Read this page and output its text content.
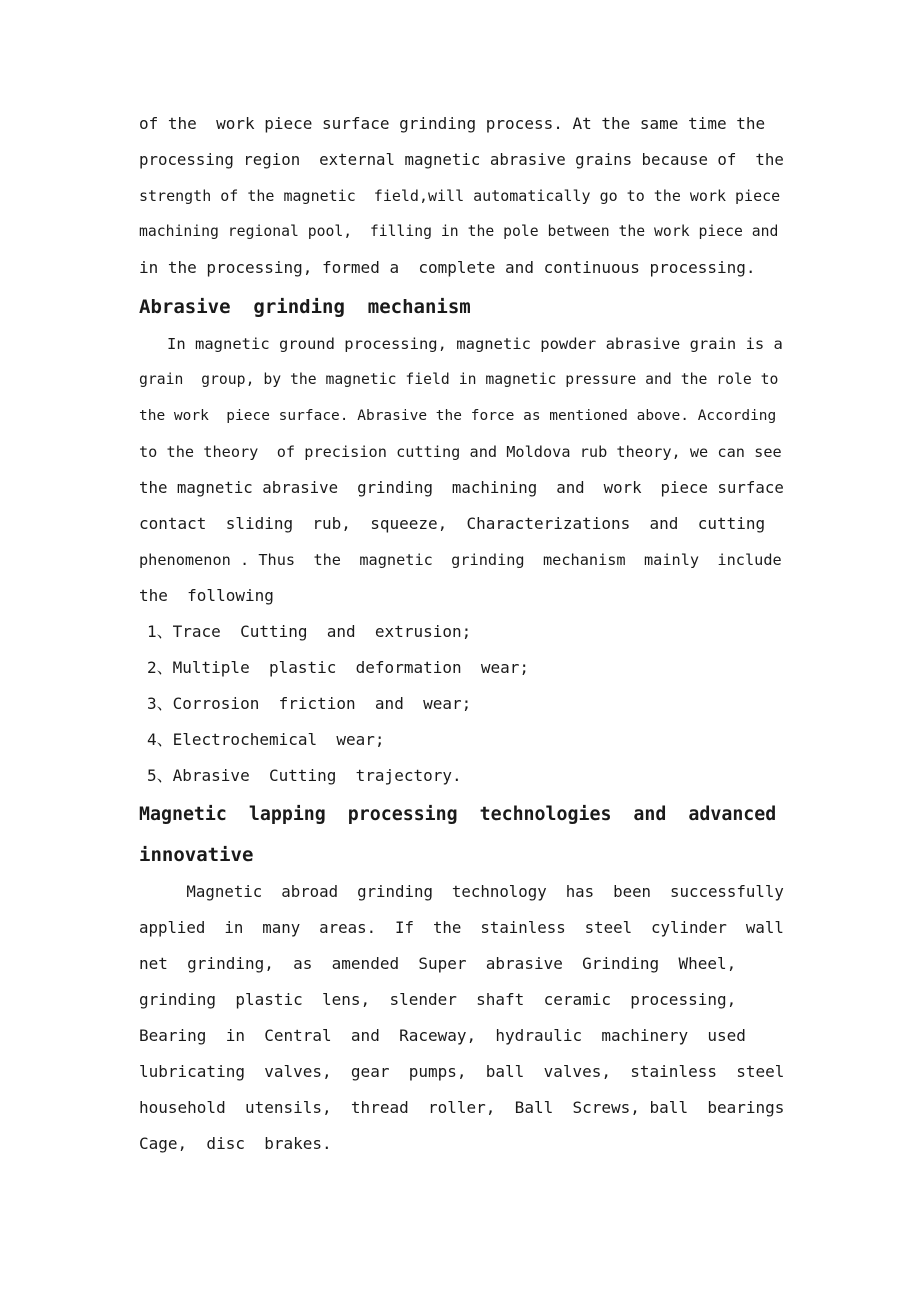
of the  work piece surface grinding process. At the same time the
processing region  external magnetic abrasive grains because of  the
strength of the magnetic  field,will automatically go to the work piece
machining regional pool,  filling in the pole between the work piece and
in the processing, formed a  complete and continuous processing.
Abrasive  grinding  mechanism
In magnetic ground processing, magnetic powder abrasive grain is a
grain  group, by the magnetic field in magnetic pressure and the role to
the work  piece surface. Abrasive the force as mentioned above. According
to the theory  of precision cutting and Moldova rub theory, we can see
the magnetic abrasive  grinding  machining  and  work  piece surface
contact  sliding  rub,  squeeze,  Characterizations  and  cutting
phenomenon . Thus  the  magnetic  grinding  mechanism  mainly  include
the  following
1、Trace  Cutting  and  extrusion;
2、Multiple  plastic  deformation  wear;
3、Corrosion  friction  and  wear;
4、Electrochemical  wear;
5、Abrasive  Cutting  trajectory.
Magnetic  lapping  processing  technologies  and  advanced
innovative
Magnetic  abroad  grinding  technology  has  been  successfully
applied  in  many  areas.  If  the  stainless  steel  cylinder  wall
net  grinding,  as  amended  Super  abrasive  Grinding  Wheel,
grinding  plastic  lens,  slender  shaft  ceramic  processing,
Bearing  in  Central  and  Raceway,  hydraulic  machinery  used
lubricating  valves,  gear  pumps,  ball  valves,  stainless  steel
household  utensils,  thread  roller,  Ball  Screws, ball  bearings
Cage,  disc  brakes.
